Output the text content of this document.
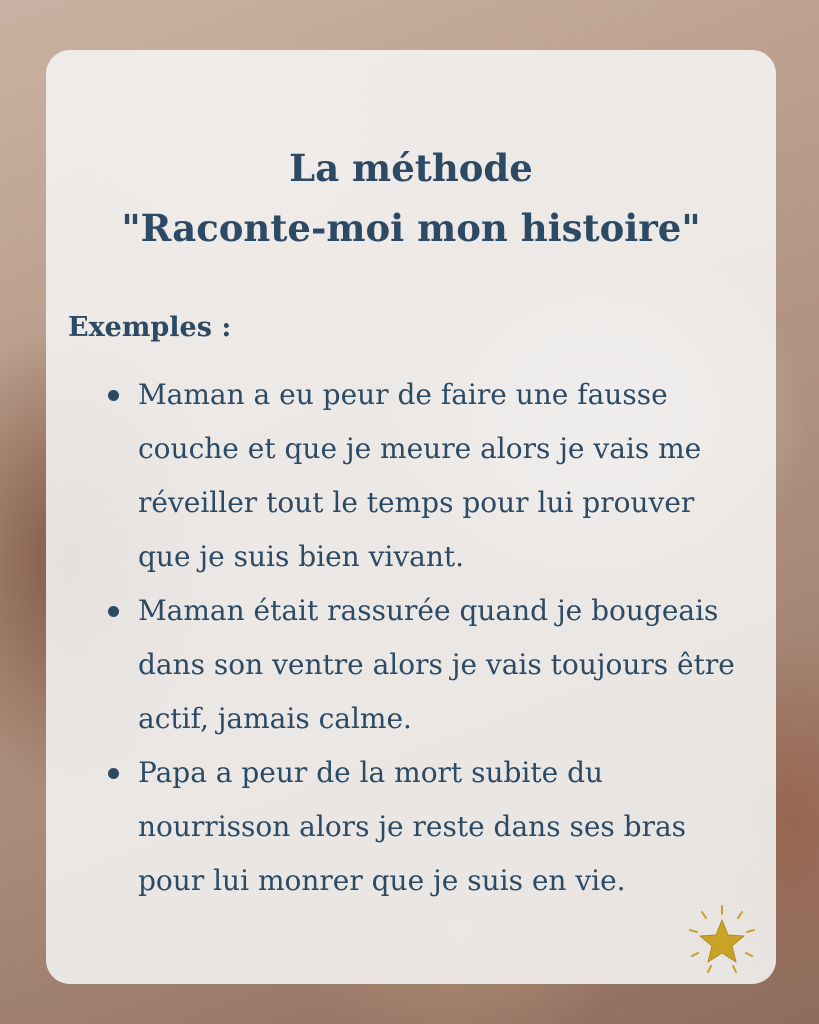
La méthode
"Raconte-moi mon histoire"

Exemples :

Maman a eu peur de faire une fausse couche et que je meure alors je vais me réveiller tout le temps pour lui prouver que je suis bien vivant.
Maman était rassurée quand je bougeais dans son ventre alors je vais toujours être actif, jamais calme.
Papa a peur de la mort subite du nourrisson alors je reste dans ses bras pour lui monrer que je suis en vie.
